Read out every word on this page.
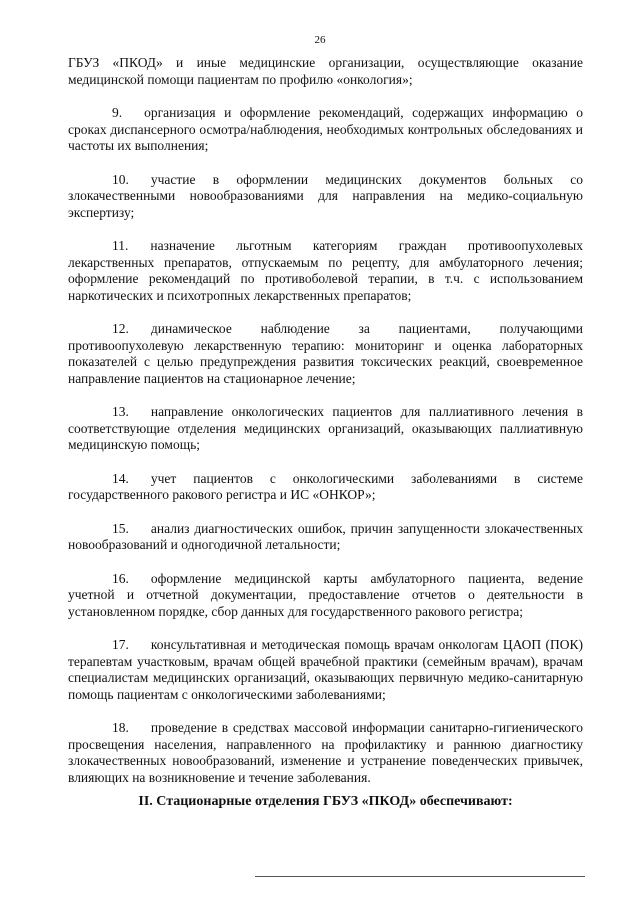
26

ГБУЗ «ПКОД» и иные медицинские организации, осуществляющие оказание медицинской помощи пациентам по профилю «онкология»;

9. организация и оформление рекомендаций, содержащих информацию о сроках диспансерного осмотра/наблюдения, необходимых контрольных обследованиях и частоты их выполнения;

10. участие в оформлении медицинских документов больных со злокачественными новообразованиями для направления на медико-социальную экспертизу;

11. назначение льготным категориям граждан противоопухолевых лекарственных препаратов, отпускаемым по рецепту, для амбулаторного лечения; оформление рекомендаций по противоболевой терапии, в т.ч. с использованием наркотических и психотропных лекарственных препаратов;

12. динамическое наблюдение за пациентами, получающими противоопухолевую лекарственную терапию: мониторинг и оценка лабораторных показателей с целью предупреждения развития токсических реакций, своевременное направление пациентов на стационарное лечение;

13. направление онкологических пациентов для паллиативного лечения в соответствующие отделения медицинских организаций, оказывающих паллиативную медицинскую помощь;

14. учет пациентов с онкологическими заболеваниями в системе государственного ракового регистра и ИС «ОНКОР»;

15. анализ диагностических ошибок, причин запущенности злокачественных новообразований и одногодичной летальности;

16. оформление медицинской карты амбулаторного пациента, ведение учетной и отчетной документации, предоставление отчетов о деятельности в установленном порядке, сбор данных для государственного ракового регистра;

17. консультативная и методическая помощь врачам онкологам ЦАОП (ПОК) терапевтам участковым, врачам общей врачебной практики (семейным врачам), врачам специалистам медицинских организаций, оказывающих первичную медико-санитарную помощь пациентам с онкологическими заболеваниями;

18. проведение в средствах массовой информации санитарно-гигиенического просвещения населения, направленного на профилактику и раннюю диагностику злокачественных новообразований, изменение и устранение поведенческих привычек, влияющих на возникновение и течение заболевания.

II. Стационарные отделения ГБУЗ «ПКОД» обеспечивают:
